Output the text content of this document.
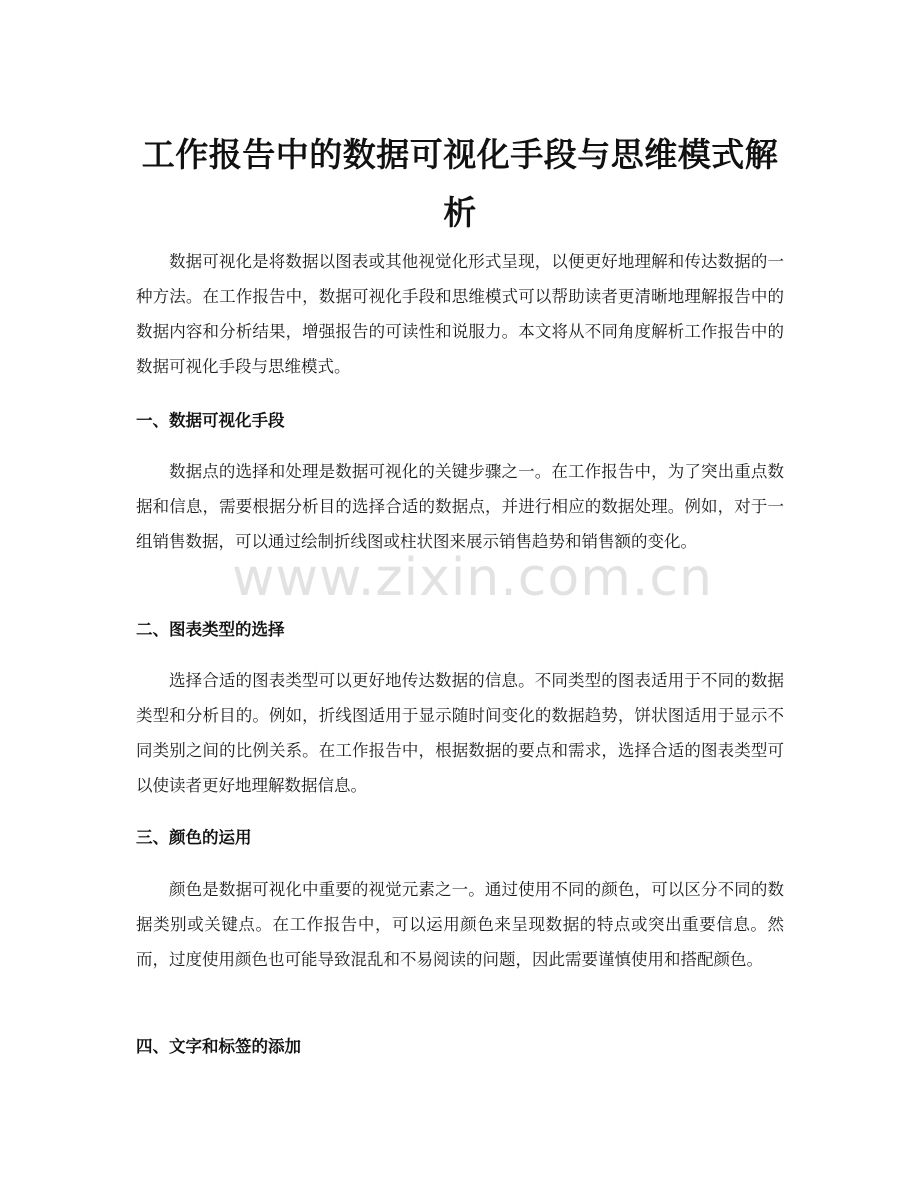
工作报告中的数据可视化手段与思维模式解析

数据可视化是将数据以图表或其他视觉化形式呈现，以便更好地理解和传达数据的一种方法。在工作报告中，数据可视化手段和思维模式可以帮助读者更清晰地理解报告中的数据内容和分析结果，增强报告的可读性和说服力。本文将从不同角度解析工作报告中的数据可视化手段与思维模式。

一、数据可视化手段

数据点的选择和处理是数据可视化的关键步骤之一。在工作报告中，为了突出重点数据和信息，需要根据分析目的选择合适的数据点，并进行相应的数据处理。例如，对于一组销售数据，可以通过绘制折线图或柱状图来展示销售趋势和销售额的变化。

二、图表类型的选择

选择合适的图表类型可以更好地传达数据的信息。不同类型的图表适用于不同的数据类型和分析目的。例如，折线图适用于显示随时间变化的数据趋势，饼状图适用于显示不同类别之间的比例关系。在工作报告中，根据数据的要点和需求，选择合适的图表类型可以使读者更好地理解数据信息。

三、颜色的运用

颜色是数据可视化中重要的视觉元素之一。通过使用不同的颜色，可以区分不同的数据类别或关键点。在工作报告中，可以运用颜色来呈现数据的特点或突出重要信息。然而，过度使用颜色也可能导致混乱和不易阅读的问题，因此需要谨慎使用和搭配颜色。

四、文字和标签的添加
www.zixin.com.cn
